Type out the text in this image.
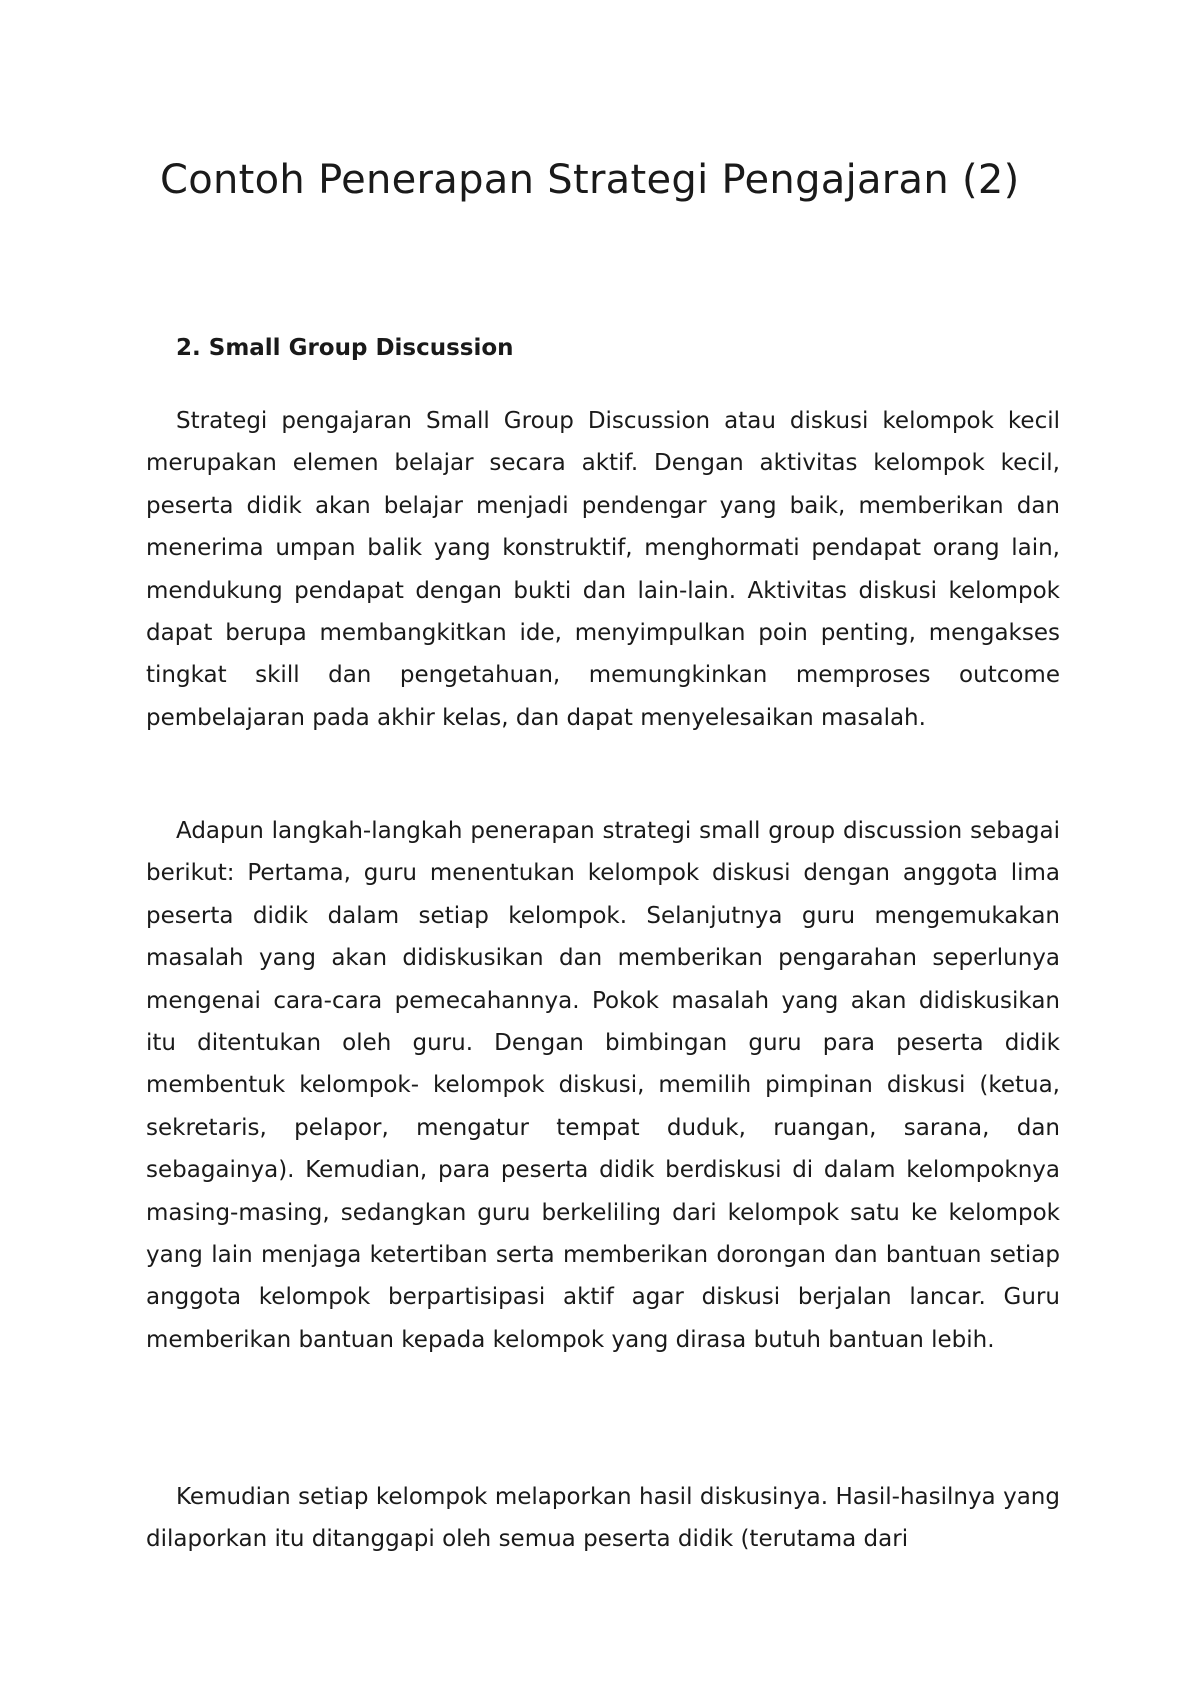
Contoh Penerapan Strategi Pengajaran (2)
2. Small Group Discussion

Strategi pengajaran Small Group Discussion atau diskusi kelompok kecil merupakan elemen belajar secara aktif. Dengan aktivitas kelompok kecil, peserta didik akan belajar menjadi pendengar yang baik, memberikan dan menerima umpan balik yang konstruktif, menghormati pendapat orang lain, mendukung pendapat dengan bukti dan lain-lain. Aktivitas diskusi kelompok dapat berupa membangkitkan ide, menyimpulkan poin penting, mengakses tingkat skill dan pengetahuan, memungkinkan memproses outcome pembelajaran pada akhir kelas, dan dapat menyelesaikan masalah.

Adapun langkah-langkah penerapan strategi small group discussion sebagai berikut: Pertama, guru menentukan kelompok diskusi dengan anggota lima peserta didik dalam setiap kelompok. Selanjutnya guru mengemukakan masalah yang akan didiskusikan dan memberikan pengarahan seperlunya mengenai cara-cara pemecahannya. Pokok masalah yang akan didiskusikan itu ditentukan oleh guru. Dengan bimbingan guru para peserta didik membentuk kelompok- kelompok diskusi, memilih pimpinan diskusi (ketua, sekretaris, pelapor, mengatur tempat duduk, ruangan, sarana, dan sebagainya). Kemudian, para peserta didik berdiskusi di dalam kelompoknya masing-masing, sedangkan guru berkeliling dari kelompok satu ke kelompok yang lain menjaga ketertiban serta memberikan dorongan dan bantuan setiap anggota kelompok berpartisipasi aktif agar diskusi berjalan lancar. Guru memberikan bantuan kepada kelompok yang dirasa butuh bantuan lebih.

Kemudian setiap kelompok melaporkan hasil diskusinya. Hasil-hasilnya yang dilaporkan itu ditanggapi oleh semua peserta didik (terutama dari
